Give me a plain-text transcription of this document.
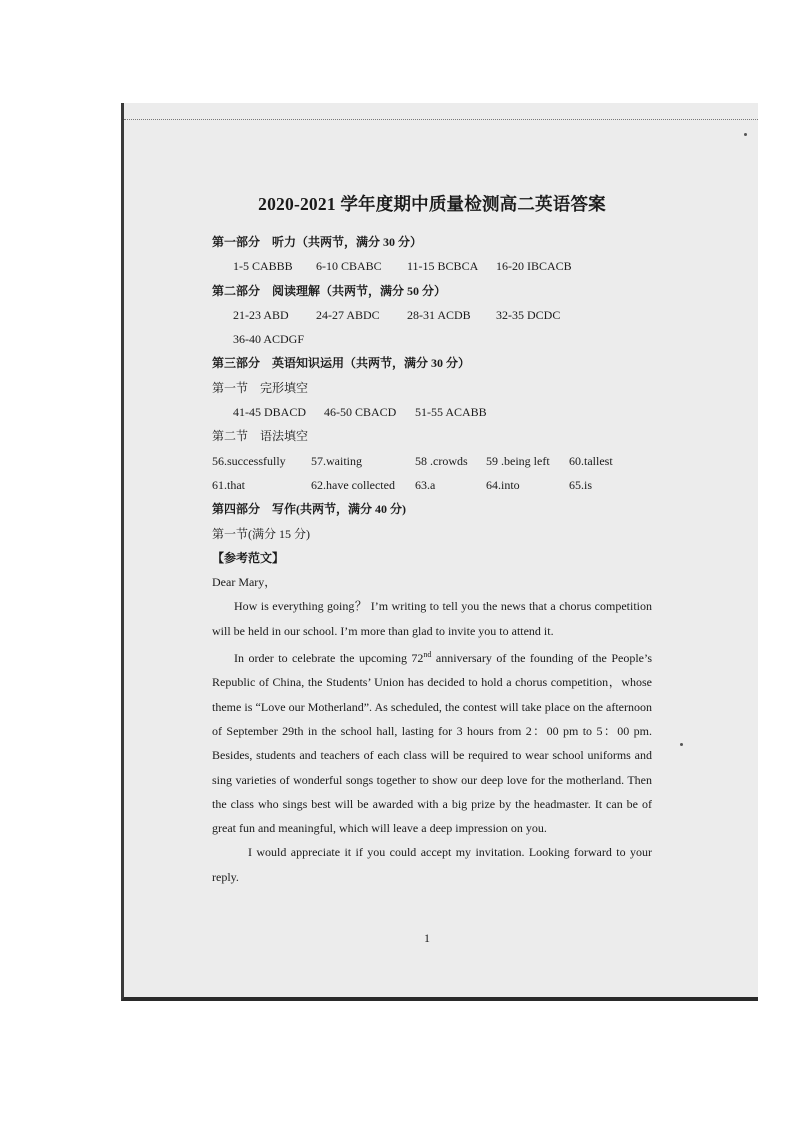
2020-2021 学年度期中质量检测高二英语答案
第一部分　听力（共两节，满分 30 分）
1-5 CABBB 6-10 CBABC 11-15 BCBCA 16-20 IBCACB
第二部分　阅读理解（共两节，满分 50 分）
21-23 ABD 24-27 ABDC 28-31 ACDB 32-35 DCDC
36-40 ACDGF
第三部分　英语知识运用（共两节，满分 30 分）
第一节　完形填空
41-45 DBACD 46-50 CBACD 51-55 ACABB
第二节　语法填空
56.successfully 57.waiting	58 .crowds 59 .being left 60.tallest
61.that	62.have collected 63.a	64.into	65.is
第四部分　写作(共两节，满分 40 分)
第一节(满分 15 分)
【参考范文】
Dear Mary，
How is everything going？ I’m writing to tell you the news that a chorus competition will be held in our school. I’m more than glad to invite you to attend it.
In order to celebrate the upcoming 72nd anniversary of the founding of the People’s Republic of China, the Students’ Union has decided to hold a chorus competition，whose theme is “Love our Motherland”. As scheduled, the contest will take place on the afternoon of September 29th in the school hall, lasting for 3 hours from 2：00 pm to 5：00 pm. Besides, students and teachers of each class will be required to wear school uniforms and sing varieties of wonderful songs together to show our deep love for the motherland. Then the class who sings best will be awarded with a big prize by the headmaster. It can be of great fun and meaningful, which will leave a deep impression on you.
I would appreciate it if you could accept my invitation. Looking forward to your reply.
1
